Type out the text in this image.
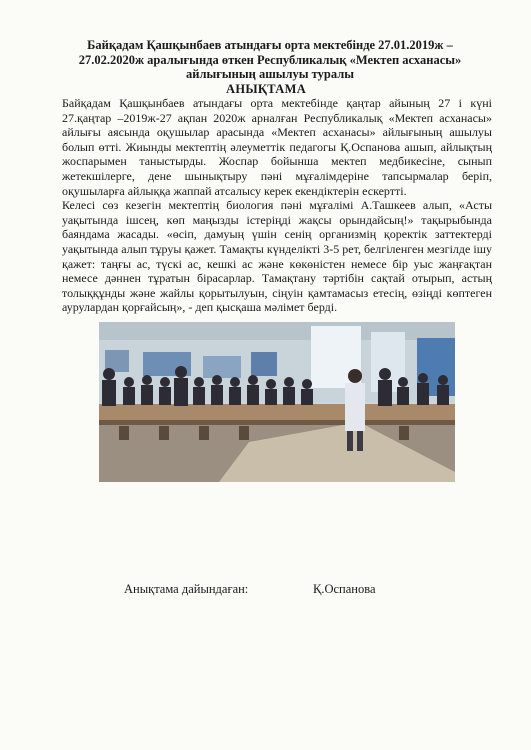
Байқадам Қашқынбаев атындағы орта мектебінде 27.01.2019ж – 27.02.2020ж аралығында өткен Республикалық «Мектеп асханасы» айлығының ашылуы туралы
АНЫҚТАМА

Байқадам Қашқынбаев атындағы орта мектебінде қаңтар айының 27 і күні 27.қаңтар –2019ж-27 ақпан 2020ж арналған Республикалық «Мектеп асханасы» айлығы аясында оқушылар арасында «Мектеп асханасы» айлығының ашылуы болып өтті. Жиынды мектептің әлеуметтік педагогы Қ.Оспанова ашып, айлықтың жоспарымен таныстырды. Жоспар бойынша мектеп медбикесіне, сынып жетекшілерге, дене шынықтыру пәні мұғалімдеріне тапсырмалар беріп, оқушыларға айлыққа жаппай атсалысу керек екендіктерін ескертті.

Келесі сөз кезегін мектептің биология пәні мұғалімі А.Ташкеев алып, «Асты уақытында ішсең, көп маңызды істеріңді жақсы орындайсың!» тақырыбында баяндама жасады. «өсіп, дамуың үшін сенің организмің қоректік заттектерді уақытында алып тұруы қажет. Тамақты күнделікті 3-5 рет, белгіленген мезгілде ішу қажет: таңғы ас, түскі ас, кешкі ас және көкөністен немесе бір уыс жаңғақтан немесе дәннен тұратын бірасарлар. Тамақтану тәртібін сақтай отырып, астың толыққұнды және жайлы қорытылуын, сіңуін қамтамасыз етесің, өзіңді көптеген аурулардан қорғайсың», - деп қысқаша мәлімет берді.

Анықтама дайындаған:	Қ.Оспанова
